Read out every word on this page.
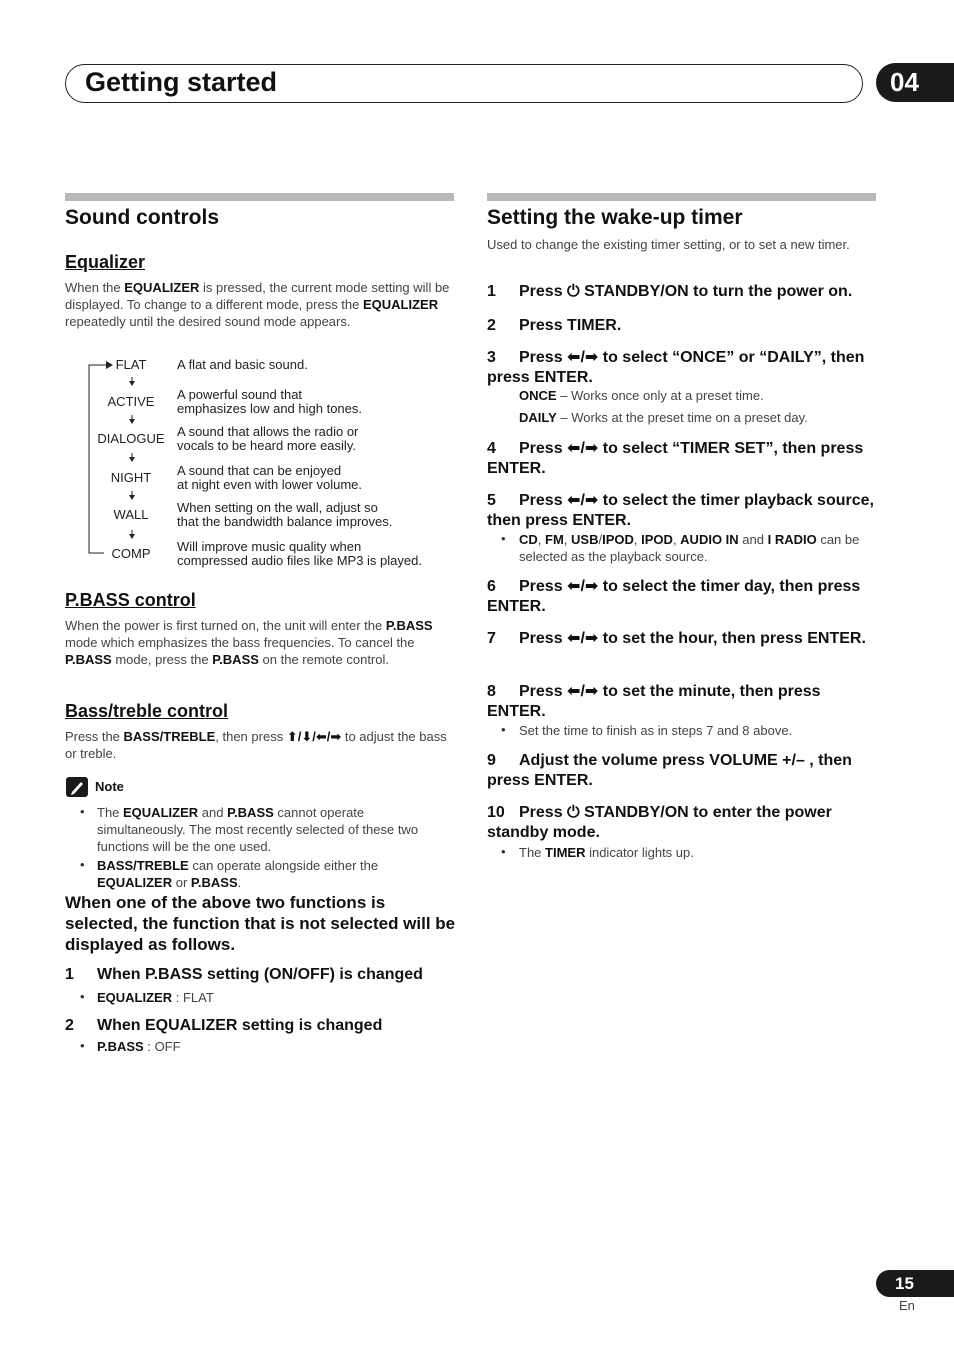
Getting started	04
Sound controls
Equalizer
When the EQUALIZER is pressed, the current mode setting will be displayed. To change to a different mode, press the EQUALIZER repeatedly until the desired sound mode appears.
FLAT	A flat and basic sound.
ACTIVE	A powerful sound that
emphasizes low and high tones.
DIALOGUE A sound that allows the radio or
vocals to be heard more easily.
NIGHT	A sound that can be enjoyed
at night even with lower volume.
WALL	When setting on the wall, adjust so
that the bandwidth balance improves.
COMP	Will improve music quality when
compressed audio files like MP3 is played.
P.BASS control
When the power is first turned on, the unit will enter the P.BASS mode which emphasizes the bass frequencies. To cancel the P.BASS mode, press the P.BASS on the remote control.
Bass/treble control
Press the BASS/TREBLE, then press ⬆/⬇/⬅/➡ to adjust the bass or treble.
Note
• The EQUALIZER and P.BASS cannot operate simultaneously. The most recently selected of these two functions will be the one used.
• BASS/TREBLE can operate alongside either the EQUALIZER or P.BASS.
When one of the above two functions is selected, the function that is not selected will be displayed as follows.
1 When P.BASS setting (ON/OFF) is changed
• EQUALIZER : FLAT
2 When EQUALIZER setting is changed
• P.BASS : OFF
Setting the wake-up timer
Used to change the existing timer setting, or to set a new timer.
1 Press ⏻ STANDBY/ON to turn the power on.
2 Press TIMER.
3 Press ⬅/➡ to select “ONCE” or “DAILY”, then press ENTER.
ONCE – Works once only at a preset time.
DAILY – Works at the preset time on a preset day.
4 Press ⬅/➡ to select “TIMER SET”, then press ENTER.
5 Press ⬅/➡ to select the timer playback source, then press ENTER.
• CD, FM, USB/IPOD, IPOD, AUDIO IN and I RADIO can be selected as the playback source.
6 Press ⬅/➡ to select the timer day, then press ENTER.
7 Press ⬅/➡ to set the hour, then press ENTER.
8 Press ⬅/➡ to set the minute, then press ENTER.
• Set the time to finish as in steps 7 and 8 above.
9 Adjust the volume press VOLUME +/– , then press ENTER.
10 Press ⏻ STANDBY/ON to enter the power standby mode.
• The TIMER indicator lights up.
15
En
